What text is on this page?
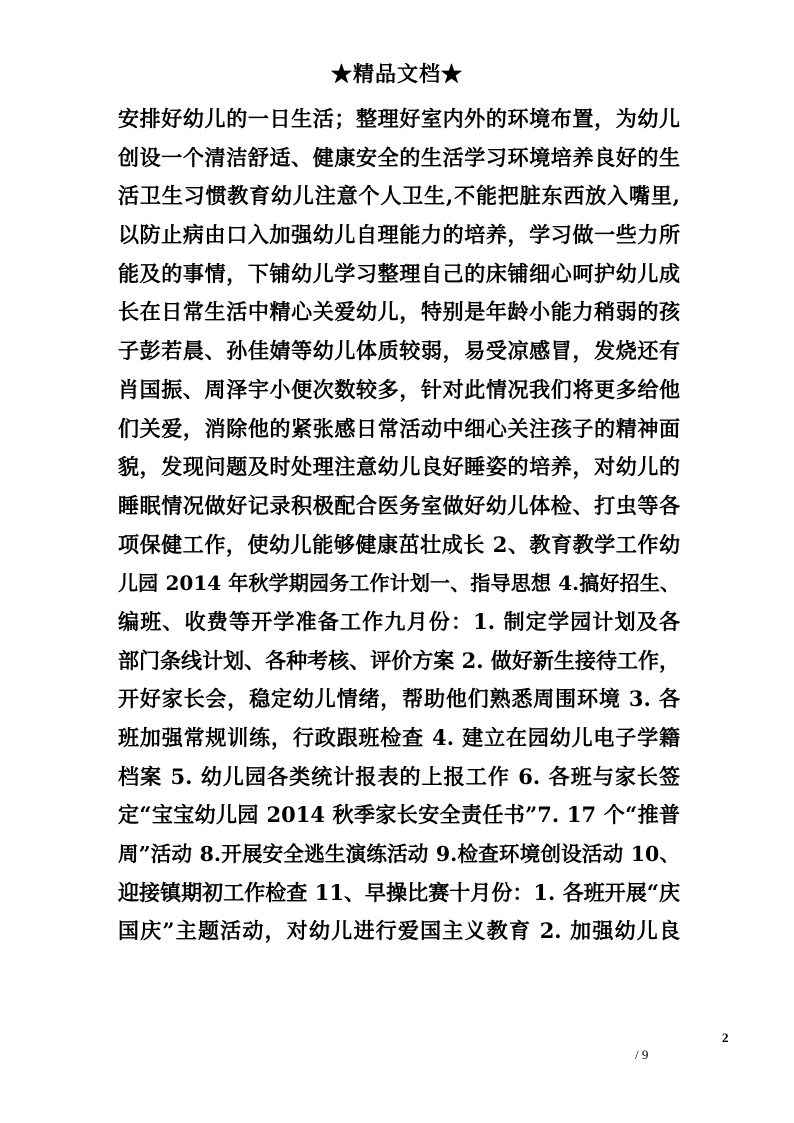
★精品文档★
安排好幼儿的一日生活；整理好室内外的环境布置，为幼儿
创设一个清洁舒适、健康安全的生活学习环境培养良好的生
活卫生习惯教育幼儿注意个人卫生,不能把脏东西放入嘴里,
以防止病由口入加强幼儿自理能力的培养，学习做一些力所
能及的事情，下铺幼儿学习整理自己的床铺细心呵护幼儿成
长在日常生活中精心关爱幼儿，特别是年龄小能力稍弱的孩
子彭若晨、孙佳婧等幼儿体质较弱，易受凉感冒，发烧还有
肖国振、周泽宇小便次数较多，针对此情况我们将更多给他
们关爱，消除他的紧张感日常活动中细心关注孩子的精神面
貌，发现问题及时处理注意幼儿良好睡姿的培养，对幼儿的
睡眠情况做好记录积极配合医务室做好幼儿体检、打虫等各
项保健工作，使幼儿能够健康茁壮成长 2、教育教学工作幼
儿园 2014 年秋学期园务工作计划一、指导思想 4.搞好招生、
编班、收费等开学准备工作九月份：1. 制定学园计划及各
部门条线计划、各种考核、评价方案 2. 做好新生接待工作，
开好家长会，稳定幼儿情绪，帮助他们熟悉周围环境 3. 各
班加强常规训练，行政跟班检查 4. 建立在园幼儿电子学籍
档案 5. 幼儿园各类统计报表的上报工作 6. 各班与家长签
定“宝宝幼儿园 2014 秋季家长安全责任书”7. 17 个“推普
周”活动 8.开展安全逃生演练活动 9.检查环境创设活动 10、
迎接镇期初工作检查 11、早操比赛十月份：1. 各班开展“庆
国庆”主题活动，对幼儿进行爱国主义教育 2. 加强幼儿良
2
/ 9
